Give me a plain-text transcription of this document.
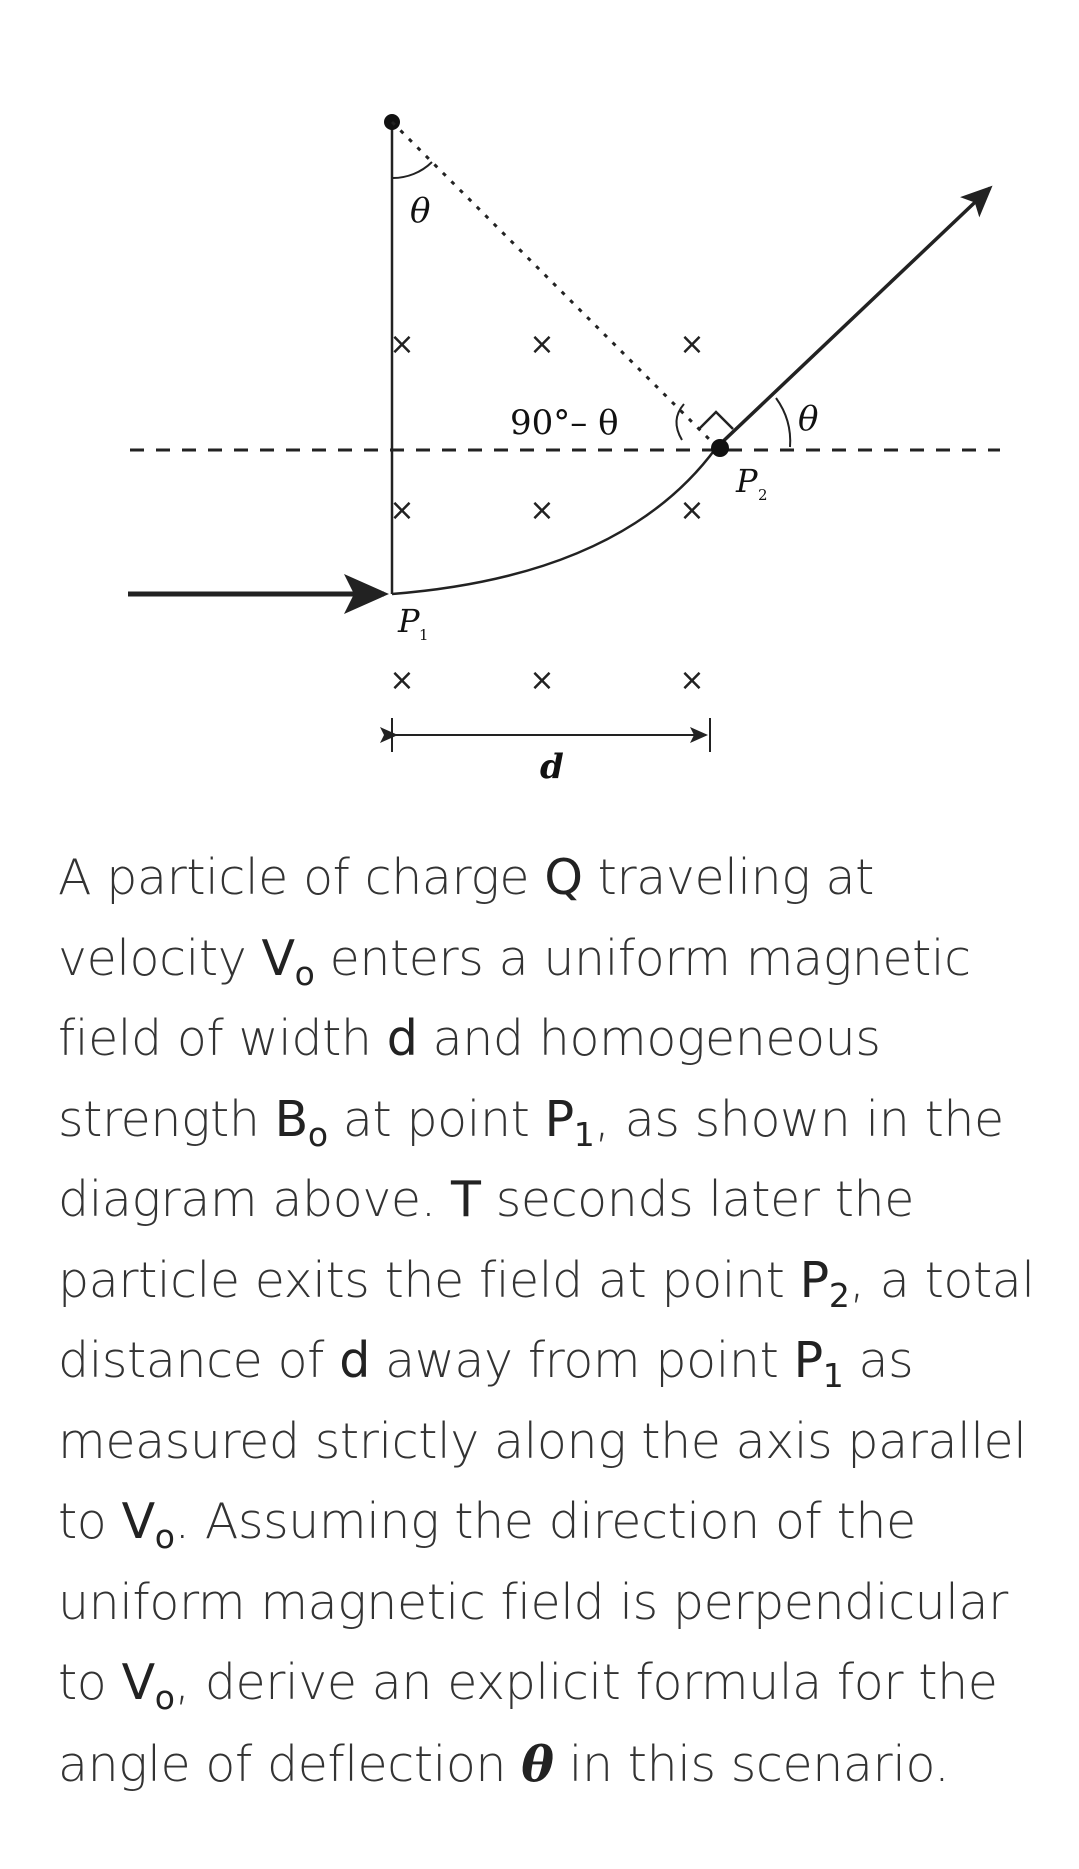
×	×	×
×	×	×
×	×	×
θ
90°– θ	θ
P 2
P 1
d

A particle of charge Q traveling at velocity $V_o$ enters a uniform magnetic field of width d and homogeneous strength $B_o$ at point $P_1$, as shown in the diagram above. T seconds later the particle exits the field at point $P_2$, a total distance of d away from point $P_1$ as measured strictly along the axis parallel to $V_o$. Assuming the direction of the uniform magnetic field is perpendicular to $V_o$, derive an explicit formula for the angle of deflection θ in this scenario.
